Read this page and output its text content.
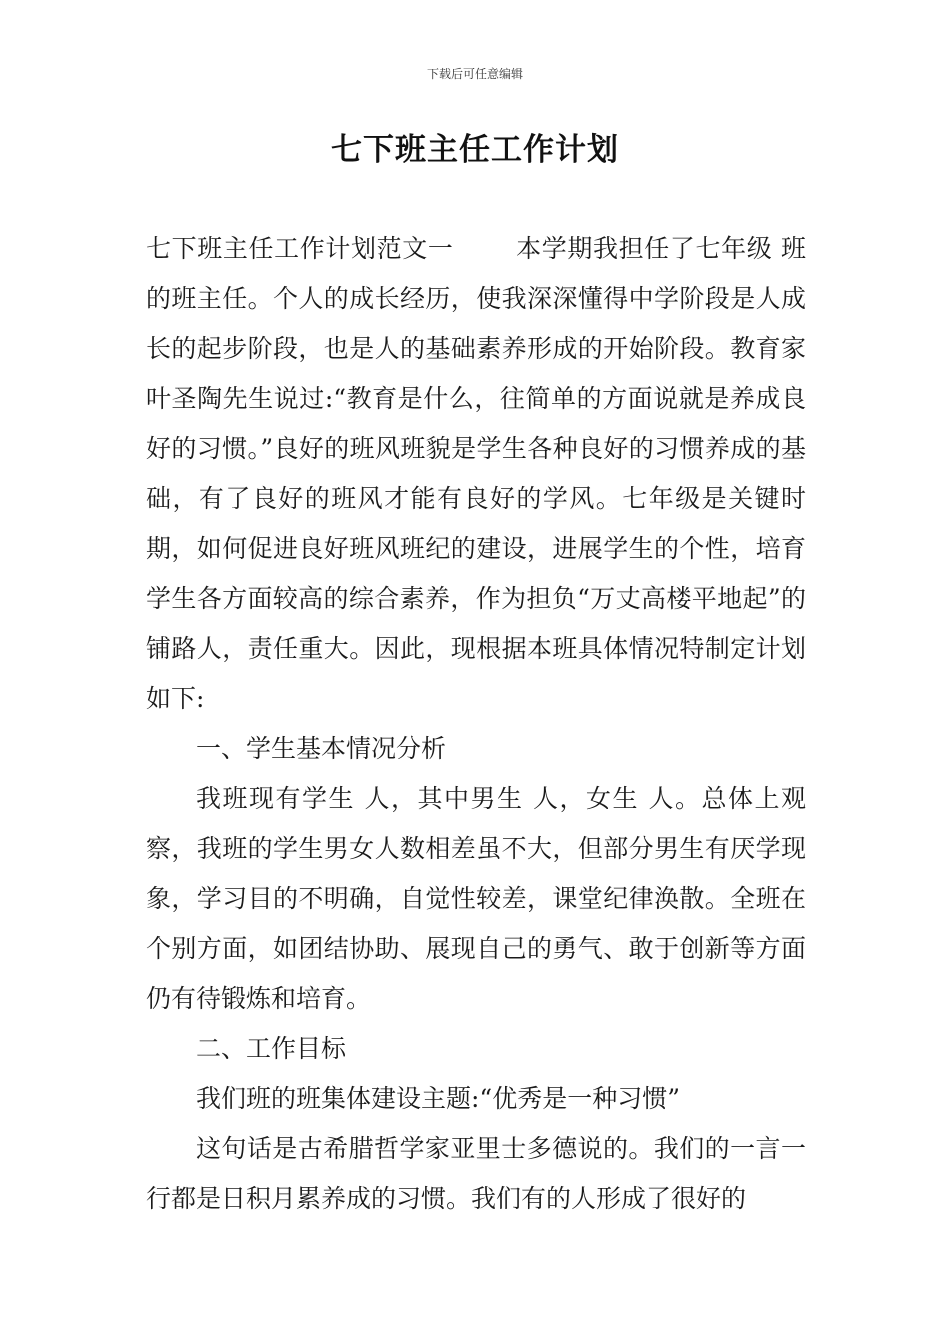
下载后可任意编辑
七下班主任工作计划

七下班主任工作计划范文一 本学期我担任了七年级 班的班主任。个人的成长经历，使我深深懂得中学阶段是人成长的起步阶段，也是人的基础素养形成的开始阶段。教育家叶圣陶先生说过:“教育是什么，往简单的方面说就是养成良好的习惯。”良好的班风班貌是学生各种良好的习惯养成的基础，有了良好的班风才能有良好的学风。七年级是关键时期，如何促进良好班风班纪的建设，进展学生的个性，培育学生各方面较高的综合素养，作为担负“万丈高楼平地起”的铺路人，责任重大。因此，现根据本班具体情况特制定计划如下:

一、学生基本情况分析

我班现有学生 人，其中男生 人，女生 人。总体上观察，我班的学生男女人数相差虽不大，但部分男生有厌学现象，学习目的不明确，自觉性较差，课堂纪律涣散。全班在个别方面，如团结协助、展现自己的勇气、敢于创新等方面仍有待锻炼和培育。

二、工作目标

我们班的班集体建设主题:“优秀是一种习惯”

这句话是古希腊哲学家亚里士多德说的。我们的一言一行都是日积月累养成的习惯。我们有的人形成了很好的
